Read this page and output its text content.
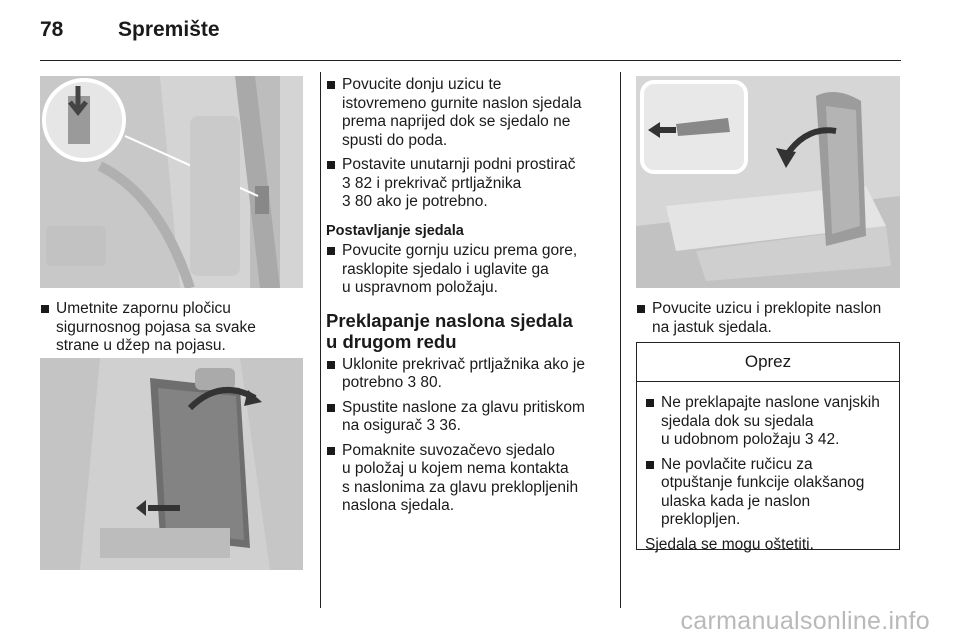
78	Spremište
Umetnite zapornu pločicu
sigurnosnog pojasa sa svake
strane u džep na pojasu.
Povucite donju uzicu te
istovremeno gurnite naslon sjedala
prema naprijed dok se sjedalo ne
spusti do poda.
Postavite unutarnji podni prostirač
3 82 i prekrivač prtljažnika
3 80 ako je potrebno.
Postavljanje sjedala
Povucite gornju uzicu prema gore,
rasklopite sjedalo i uglavite ga
u uspravnom položaju.
Preklapanje naslona sjedala
u drugom redu
Uklonite prekrivač prtljažnika ako je
potrebno 3 80.
Spustite naslone za glavu pritiskom
na osigurač 3 36.
Pomaknite suvozačevo sjedalo
u položaj u kojem nema kontakta
s naslonima za glavu preklopljenih
naslona sjedala.
Povucite uzicu i preklopite naslon
na jastuk sjedala.
Oprez
Ne preklapajte naslone vanjskih
sjedala dok su sjedala
u udobnom položaju 3 42.
Ne povlačite ručicu za
otpuštanje funkcije olakšanog
ulaska kada je naslon
preklopljen.
Sjedala se mogu oštetiti.
carmanualsonline.info
